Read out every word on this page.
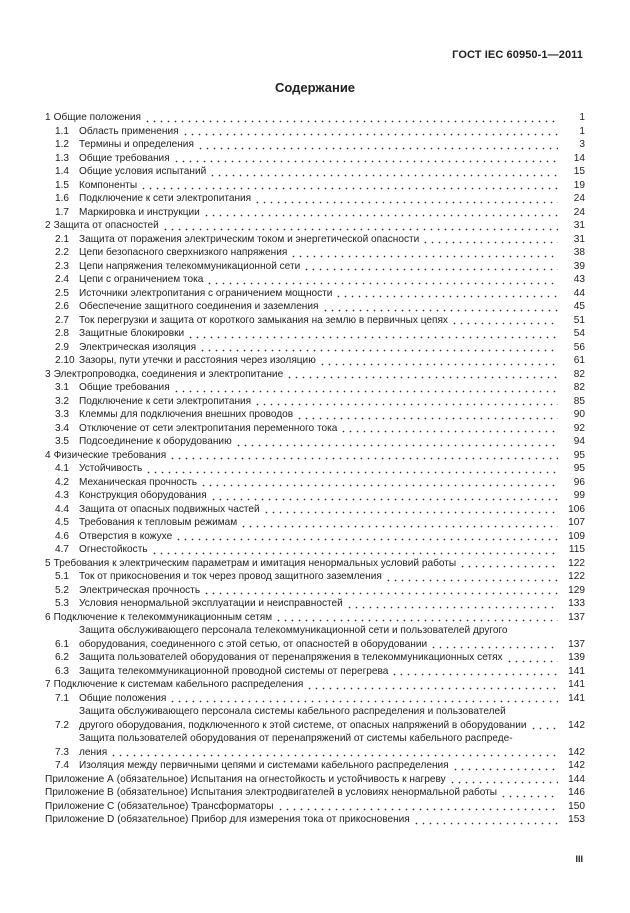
ГОСТ IEC 60950-1—2011
Содержание
1 Общие положения	1
1.1 Область применения	1
1.2 Термины и определения	3
1.3 Общие требования	14
1.4 Общие условия испытаний	15
1.5 Компоненты	19
1.6 Подключение к сети электропитания	24
1.7 Маркировка и инструкции	24
2 Защита от опасностей	31
2.1 Защита от поражения электрическим током и энергетической опасности	31
2.2 Цепи безопасного сверхнизкого напряжения	38
2.3 Цепи напряжения телекоммуникационной сети	39
2.4 Цепи с ограничением тока	43
2.5 Источники электропитания с ограничением мощности	44
2.6 Обеспечение защитного соединения и заземления	45
2.7 Ток перегрузки и защита от короткого замыкания на землю в первичных цепях	51
2.8 Защитные блокировки	54
2.9 Электрическая изоляция	56
2.10 Зазоры, пути утечки и расстояния через изоляцию	61
3 Электропроводка, соединения и электропитание	82
3.1 Общие требования	82
3.2 Подключение к сети электропитания	85
3.3 Клеммы для подключения внешних проводов	90
3.4 Отключение от сети электропитания переменного тока	92
3.5 Подсоединение к оборудованию	94
4 Физические требования	95
4.1 Устойчивость	95
4.2 Механическая прочность	96
4.3 Конструкция оборудования	99
4.4 Защита от опасных подвижных частей	106
4.5 Требования к тепловым режимам	107
4.6 Отверстия в кожухе	109
4.7 Огнестойкость	115
5 Требования к электрическим параметрам и имитация ненормальных условий работы	122
5.1 Ток от прикосновения и ток через провод защитного заземления	122
5.2 Электрическая прочность	129
5.3 Условия ненормальной эксплуатации и неисправностей	133
6 Подключение к телекоммуникационным сетям	137
6.1
Защита обслуживающего персонала телекоммуникационной сети и пользователей другого
оборудования, соединенного с этой сетью, от опасностей в оборудовании	137
6.2 Защита пользователей оборудования от перенапряжения в телекоммуникационных сетях	139
6.3 Защита телекоммуникационной проводной системы от перегрева	141
7 Подключение к системам кабельного распределения	141
7.1 Общие положения	141
7.2
Защита обслуживающего персонала системы кабельного распределения и пользователей
другого оборудования, подключенного к этой системе, от опасных напряжений в оборудовании	142
7.3
Защита пользователей оборудования от перенапряжений от системы кабельного распреде-
ления	142
7.4 Изоляция между первичными цепями и системами кабельного распределения	142
Приложение A (обязательное) Испытания на огнестойкость и устойчивость к нагреву	144
Приложение B (обязательное) Испытания электродвигателей в условиях ненормальной работы	146
Приложение C (обязательное) Трансформаторы	150
Приложение D (обязательное) Прибор для измерения тока от прикосновения	153
III
